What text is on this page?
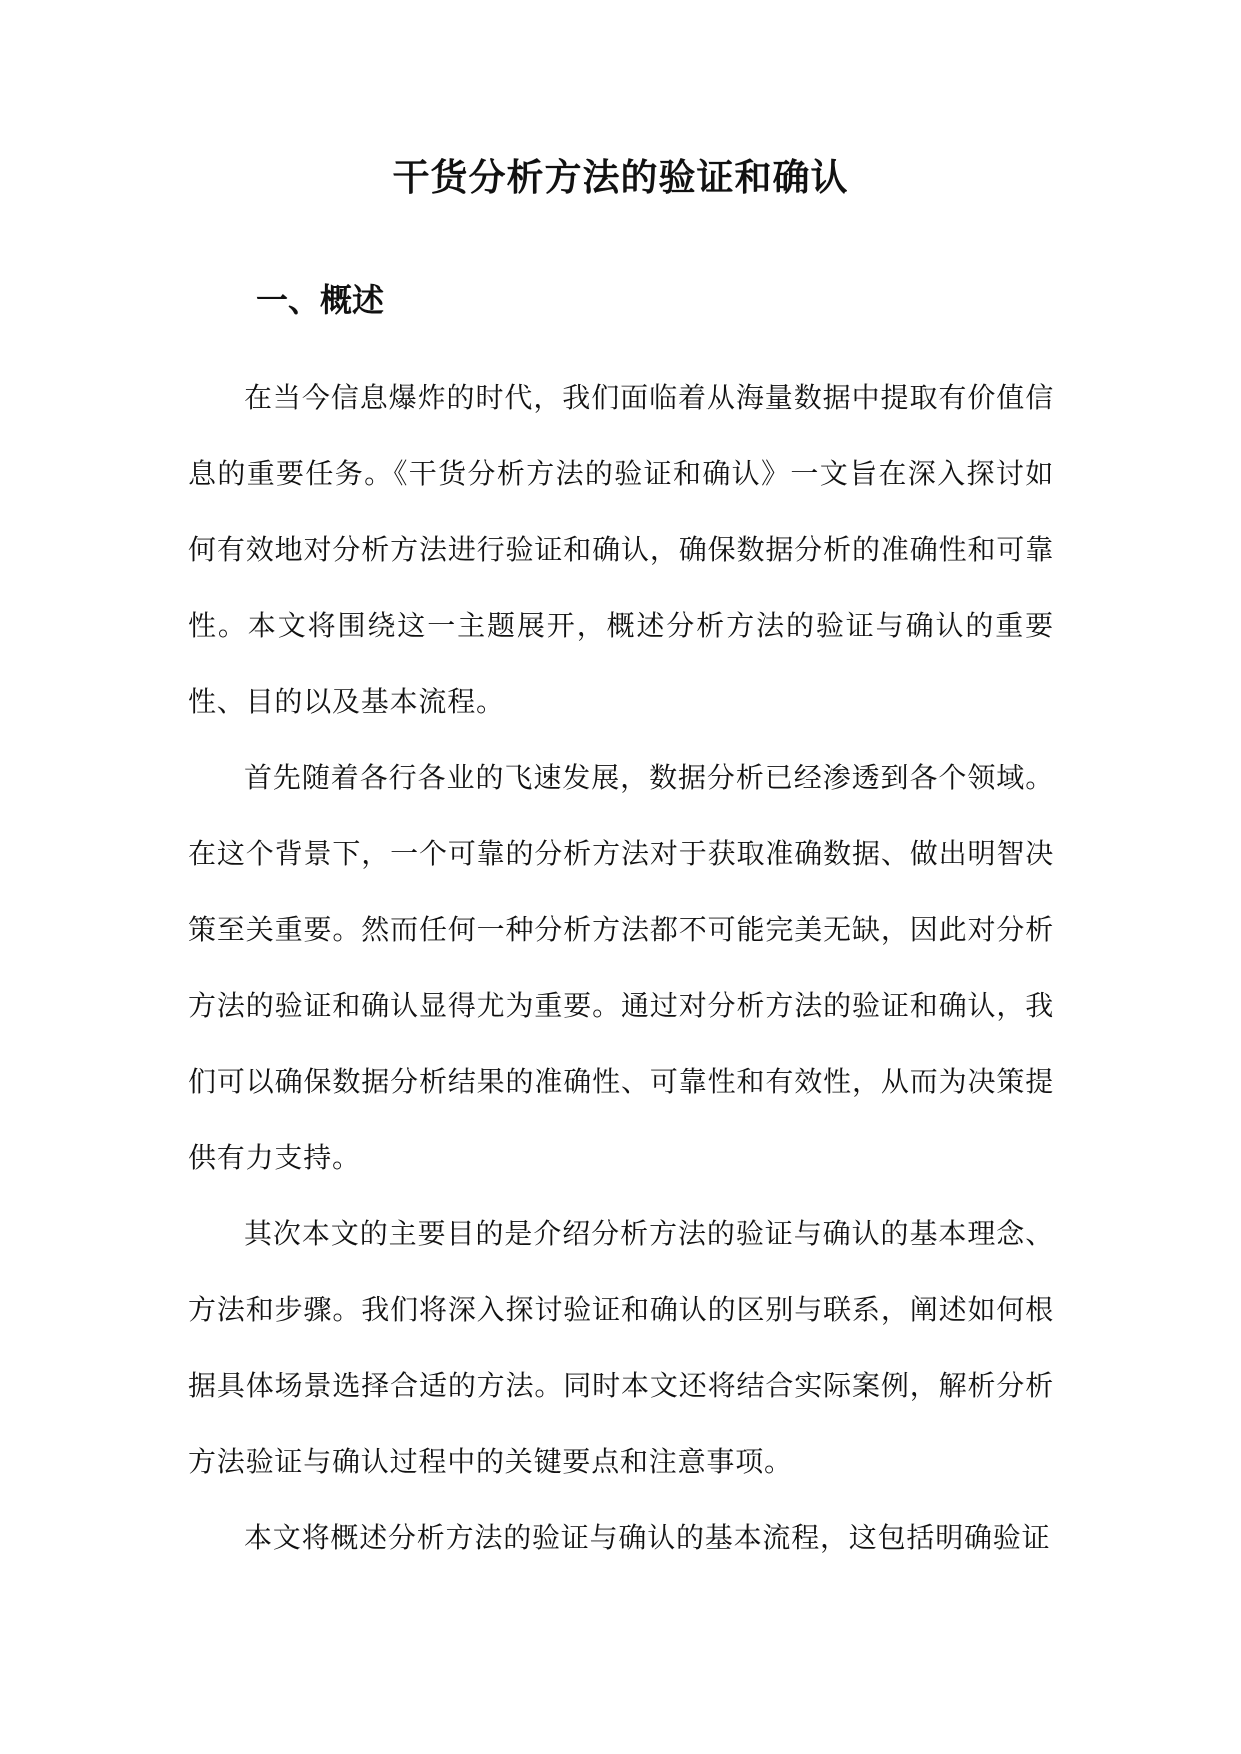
干货分析方法的验证和确认
一、概述

在当今信息爆炸的时代，我们面临着从海量数据中提取有价值信息的重要任务。《干货分析方法的验证和确认》一文旨在深入探讨如何有效地对分析方法进行验证和确认，确保数据分析的准确性和可靠性。本文将围绕这一主题展开，概述分析方法的验证与确认的重要性、目的以及基本流程。

首先随着各行各业的飞速发展，数据分析已经渗透到各个领域。在这个背景下，一个可靠的分析方法对于获取准确数据、做出明智决策至关重要。然而任何一种分析方法都不可能完美无缺，因此对分析方法的验证和确认显得尤为重要。通过对分析方法的验证和确认，我们可以确保数据分析结果的准确性、可靠性和有效性，从而为决策提供有力支持。

其次本文的主要目的是介绍分析方法的验证与确认的基本理念、方法和步骤。我们将深入探讨验证和确认的区别与联系，阐述如何根据具体场景选择合适的方法。同时本文还将结合实际案例，解析分析方法验证与确认过程中的关键要点和注意事项。

本文将概述分析方法的验证与确认的基本流程，这包括明确验证
